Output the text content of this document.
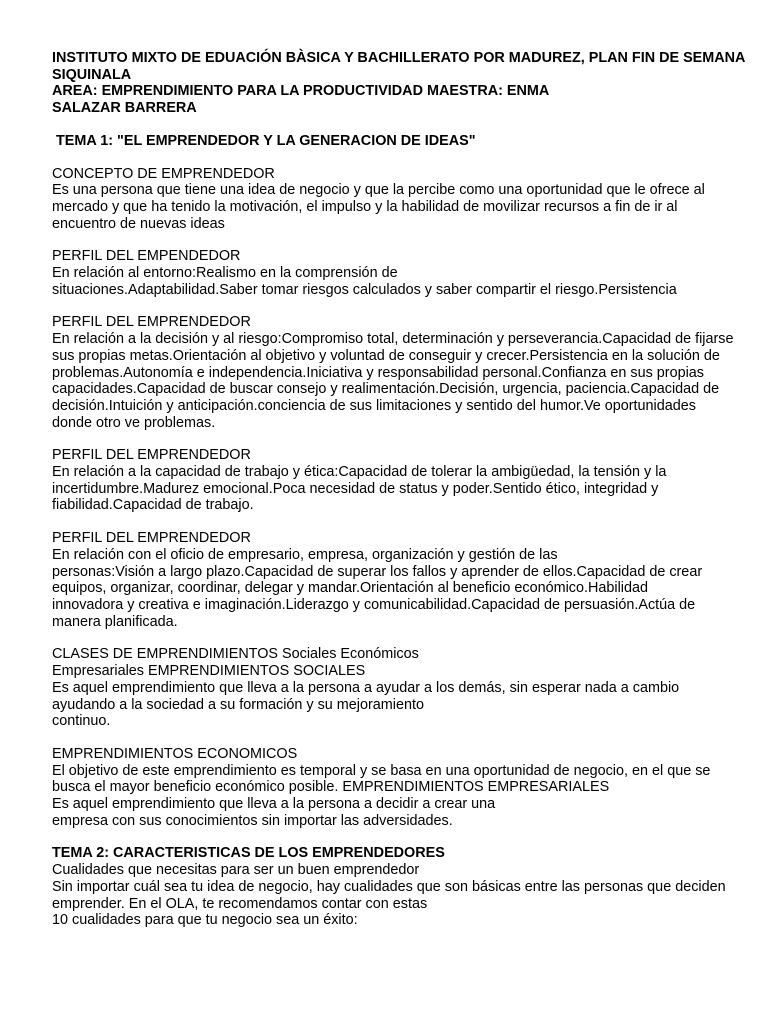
INSTITUTO MIXTO DE EDUACIÓN BÀSICA Y BACHILLERATO POR MADUREZ, PLAN FIN DE SEMANA
SIQUINALA
AREA: EMPRENDIMIENTO PARA LA PRODUCTIVIDAD MAESTRA: ENMA
SALAZAR BARRERA
TEMA 1: "EL EMPRENDEDOR Y LA GENERACION DE IDEAS"
CONCEPTO DE EMPRENDEDOR
Es una persona que tiene una idea de negocio y que la percibe como una oportunidad que le ofrece al
mercado y que ha tenido la motivación, el impulso y la habilidad de movilizar recursos a fin de ir al
encuentro de nuevas ideas
PERFIL DEL EMPENDEDOR
En relación al entorno:Realismo en la comprensión de
situaciones.Adaptabilidad.Saber tomar riesgos calculados y saber compartir el riesgo.Persistencia
PERFIL DEL EMPRENDEDOR
En relación a la decisión y al riesgo:Compromiso total, determinación y perseverancia.Capacidad de fijarse
sus propias metas.Orientación al objetivo y voluntad de conseguir y crecer.Persistencia en la solución de
problemas.Autonomía e independencia.Iniciativa y responsabilidad personal.Confianza en sus propias
capacidades.Capacidad de buscar consejo y realimentación.Decisión, urgencia, paciencia.Capacidad de
decisión.Intuición y anticipación.conciencia de sus limitaciones y sentido del humor.Ve oportunidades
donde otro ve problemas.
PERFIL DEL EMPRENDEDOR
En relación a la capacidad de trabajo y ética:Capacidad de tolerar la ambigüedad, la tensión y la
incertidumbre.Madurez emocional.Poca necesidad de status y poder.Sentido ético, integridad y
fiabilidad.Capacidad de trabajo.
PERFIL DEL EMPRENDEDOR
En relación con el oficio de empresario, empresa, organización y gestión de las
personas:Visión a largo plazo.Capacidad de superar los fallos y aprender de ellos.Capacidad de crear
equipos, organizar, coordinar, delegar y mandar.Orientación al beneficio económico.Habilidad
innovadora y creativa e imaginación.Liderazgo y comunicabilidad.Capacidad de persuasión.Actúa de
manera planificada.
CLASES DE EMPRENDIMIENTOS Sociales Económicos
Empresariales EMPRENDIMIENTOS SOCIALES
Es aquel emprendimiento que lleva a la persona a ayudar a los demás, sin esperar nada a cambio
ayudando a la sociedad a su formación y su mejoramiento
continuo.
EMPRENDIMIENTOS ECONOMICOS
El objetivo de este emprendimiento es temporal y se basa en una oportunidad de negocio, en el que se
busca el mayor beneficio económico posible. EMPRENDIMIENTOS EMPRESARIALES
Es aquel emprendimiento que lleva a la persona a decidir a crear una
empresa con sus conocimientos sin importar las adversidades.
TEMA 2: CARACTERISTICAS DE LOS EMPRENDEDORES
Cualidades que necesitas para ser un buen emprendedor
Sin importar cuál sea tu idea de negocio, hay cualidades que son básicas entre las personas que deciden
emprender. En el OLA, te recomendamos contar con estas
10 cualidades para que tu negocio sea un éxito:
